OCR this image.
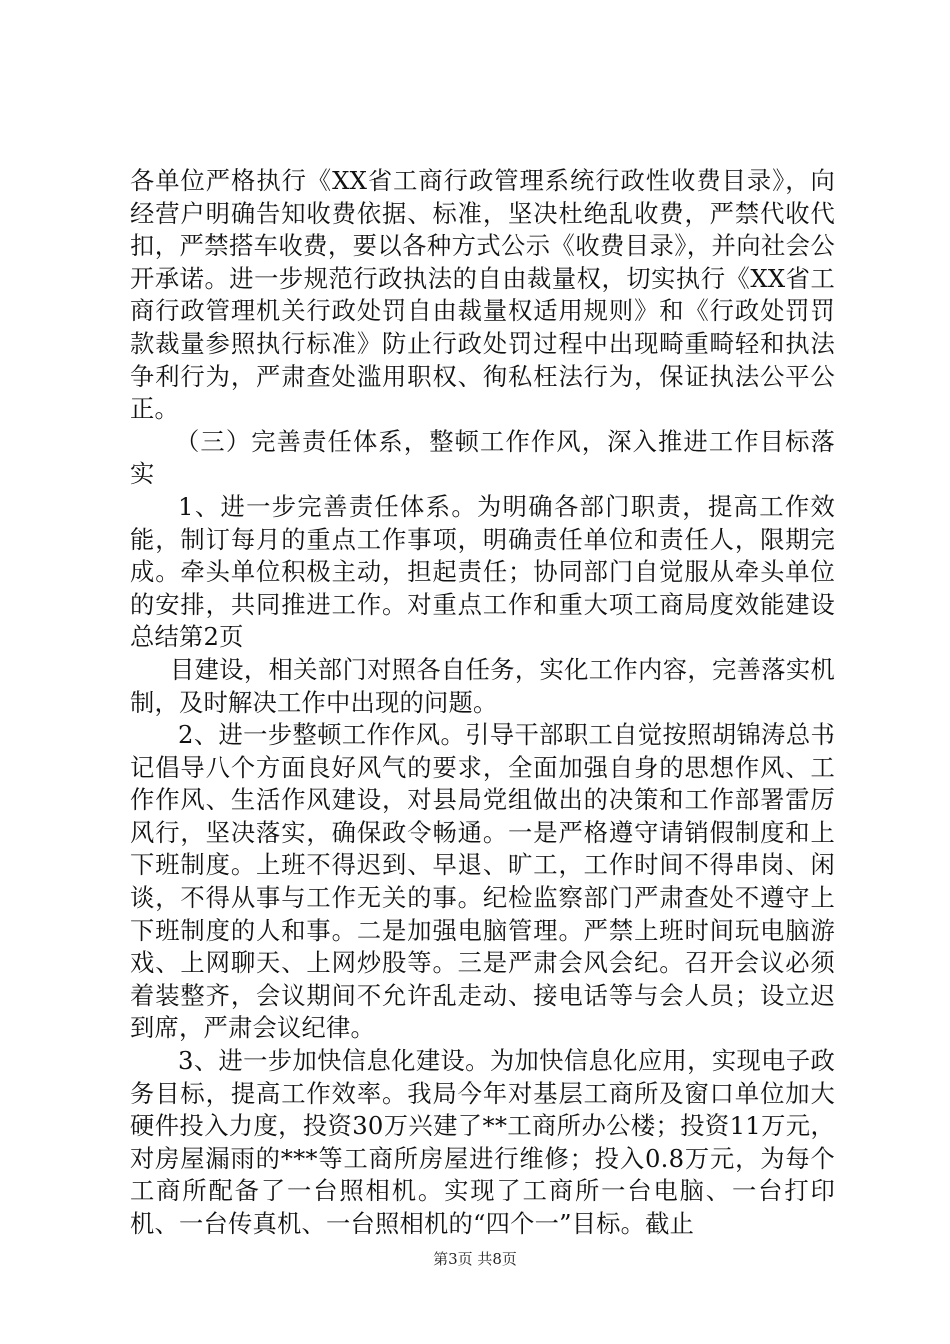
各单位严格执行《XX省工商行政管理系统行政性收费目录》，向经营户明确告知收费依据、标准，坚决杜绝乱收费，严禁代收代扣，严禁搭车收费，要以各种方式公示《收费目录》，并向社会公开承诺。进一步规范行政执法的自由裁量权，切实执行《XX省工商行政管理机关行政处罚自由裁量权适用规则》和《行政处罚罚款裁量参照执行标准》防止行政处罚过程中出现畸重畸轻和执法争利行为，严肃查处滥用职权、徇私枉法行为，保证执法公平公正。

（三）完善责任体系，整顿工作作风，深入推进工作目标落实

1、进一步完善责任体系。为明确各部门职责，提高工作效能，制订每月的重点工作事项，明确责任单位和责任人，限期完成。牵头单位积极主动，担起责任；协同部门自觉服从牵头单位的安排，共同推进工作。对重点工作和重大项工商局度效能建设总结第2页

目建设，相关部门对照各自任务，实化工作内容，完善落实机制，及时解决工作中出现的问题。

2、进一步整顿工作作风。引导干部职工自觉按照胡锦涛总书记倡导八个方面良好风气的要求，全面加强自身的思想作风、工作作风、生活作风建设，对县局党组做出的决策和工作部署雷厉风行，坚决落实，确保政令畅通。一是严格遵守请销假制度和上下班制度。上班不得迟到、早退、旷工，工作时间不得串岗、闲谈，不得从事与工作无关的事。纪检监察部门严肃查处不遵守上下班制度的人和事。二是加强电脑管理。严禁上班时间玩电脑游戏、上网聊天、上网炒股等。三是严肃会风会纪。召开会议必须着装整齐，会议期间不允许乱走动、接电话等与会人员；设立迟到席，严肃会议纪律。

3、进一步加快信息化建设。为加快信息化应用，实现电子政务目标，提高工作效率。我局今年对基层工商所及窗口单位加大硬件投入力度，投资30万兴建了**工商所办公楼；投资11万元，对房屋漏雨的***等工商所房屋进行维修；投入0.8万元，为每个工商所配备了一台照相机。实现了工商所一台电脑、一台打印机、一台传真机、一台照相机的“四个一”目标。截止

第3页 共8页
